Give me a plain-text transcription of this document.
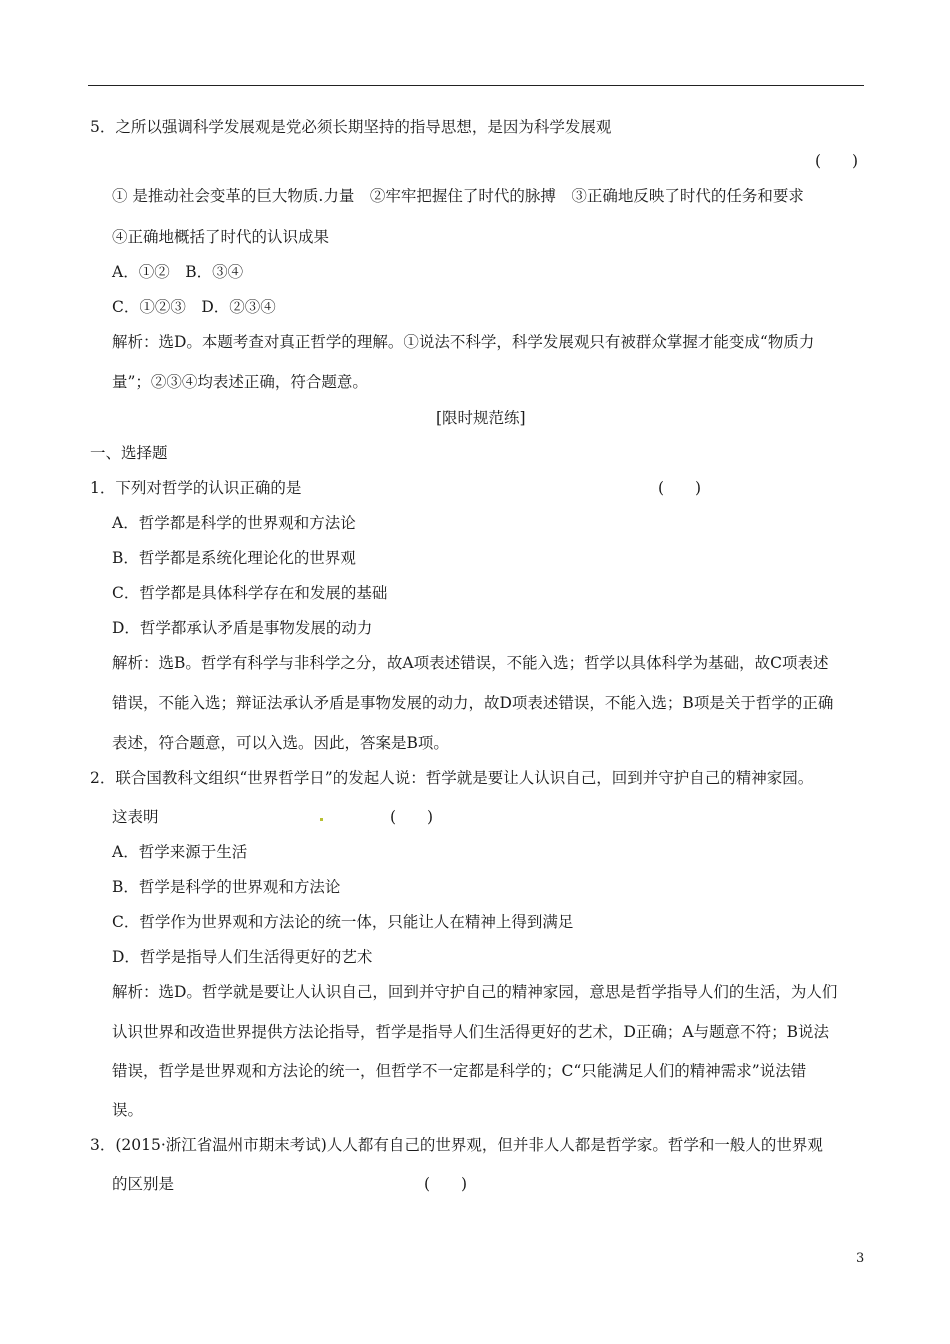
5．之所以强调科学发展观是党必须长期坚持的指导思想，是因为科学发展观
(　　)
① 是推动社会变革的巨大物质.力量　②牢牢把握住了时代的脉搏　③正确地反映了时代的任务和要求
④正确地概括了时代的认识成果
A．①②　B．③④
C．①②③　D．②③④
解析：选D。本题考查对真正哲学的理解。①说法不科学，科学发展观只有被群众掌握才能变成“物质力
量”；②③④均表述正确，符合题意。
[限时规范练]
一、选择题
1．下列对哲学的认识正确的是	(　　)
A．哲学都是科学的世界观和方法论
B．哲学都是系统化理论化的世界观
C．哲学都是具体科学存在和发展的基础
D．哲学都承认矛盾是事物发展的动力
解析：选B。哲学有科学与非科学之分，故A项表述错误，不能入选；哲学以具体科学为基础，故C项表述
错误，不能入选；辩证法承认矛盾是事物发展的动力，故D项表述错误，不能入选；B项是关于哲学的正确
表述，符合题意，可以入选。因此，答案是B项。
2．联合国教科文组织“世界哲学日”的发起人说：哲学就是要让人认识自己，回到并守护自己的精神家园。
这表明	(　　)
A．哲学来源于生活
B．哲学是科学的世界观和方法论
C．哲学作为世界观和方法论的统一体，只能让人在精神上得到满足
D．哲学是指导人们生活得更好的艺术
解析：选D。哲学就是要让人认识自己，回到并守护自己的精神家园，意思是哲学指导人们的生活，为人们
认识世界和改造世界提供方法论指导，哲学是指导人们生活得更好的艺术，D正确；A与题意不符；B说法
错误，哲学是世界观和方法论的统一，但哲学不一定都是科学的；C“只能满足人们的精神需求”说法错
误。
3．(2015·浙江省温州市期末考试)人人都有自己的世界观，但并非人人都是哲学家。哲学和一般人的世界观
的区别是	(　　)
3
